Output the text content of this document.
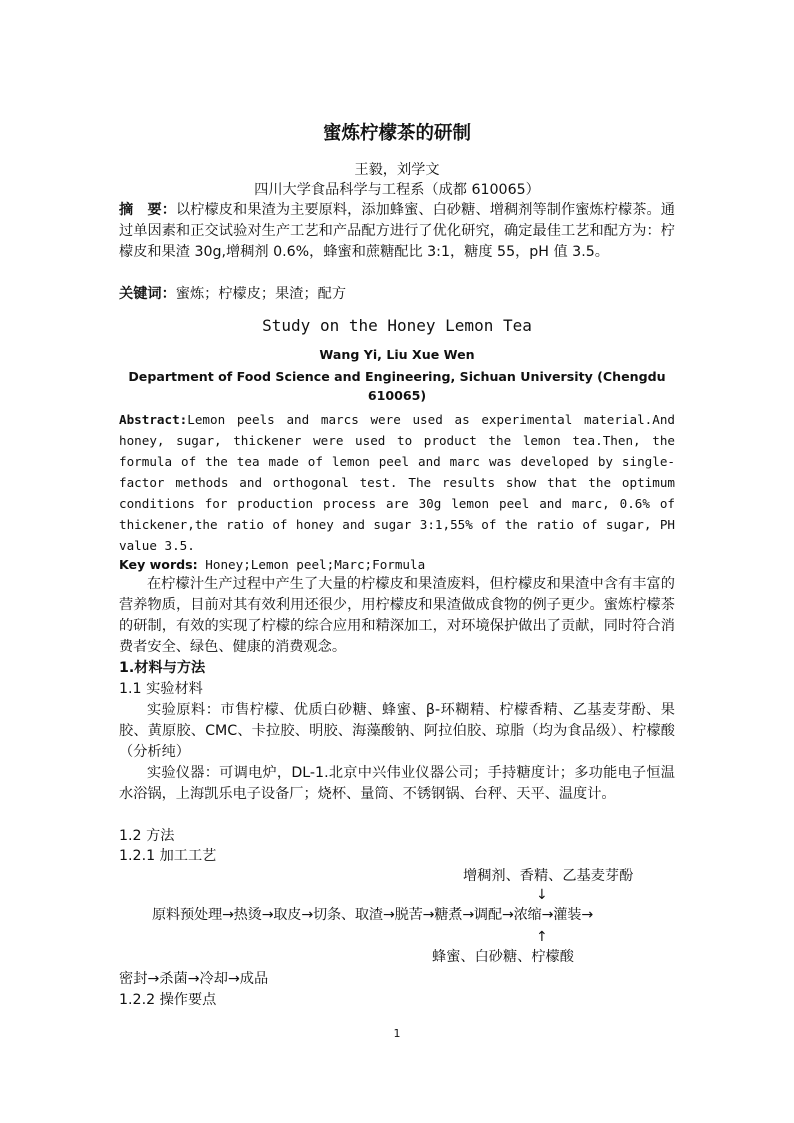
蜜炼柠檬茶的研制
王毅，刘学文
四川大学食品科学与工程系（成都 610065）
摘　要：以柠檬皮和果渣为主要原料，添加蜂蜜、白砂糖、增稠剂等制作蜜炼柠檬茶。通过单因素和正交试验对生产工艺和产品配方进行了优化研究，确定最佳工艺和配方为：柠檬皮和果渣 30g,增稠剂 0.6%，蜂蜜和蔗糖配比 3:1，糖度 55，pH 值 3.5。
关键词：蜜炼；柠檬皮；果渣；配方
Study on the Honey Lemon Tea
Wang Yi, Liu Xue Wen
Department of Food Science and Engineering, Sichuan University (Chengdu 610065)
Abstract:Lemon peels and marcs were used as experimental material.And honey, sugar, thickener were used to product the lemon tea.Then, the formula of the tea made of lemon peel and marc was developed by single-factor methods and orthogonal test. The results show that the optimum conditions for production process are 30g lemon peel and marc, 0.6% of thickener,the ratio of honey and sugar 3:1,55% of the ratio of sugar, PH value 3.5.
Key words: Honey;Lemon peel;Marc;Formula
在柠檬汁生产过程中产生了大量的柠檬皮和果渣废料，但柠檬皮和果渣中含有丰富的营养物质，目前对其有效利用还很少，用柠檬皮和果渣做成食物的例子更少。蜜炼柠檬茶的研制，有效的实现了柠檬的综合应用和精深加工，对环境保护做出了贡献，同时符合消费者安全、绿色、健康的消费观念。
1.材料与方法
1.1 实验材料
实验原料：市售柠檬、优质白砂糖、蜂蜜、β-环糊精、柠檬香精、乙基麦芽酚、果胶、黄原胶、CMC、卡拉胶、明胶、海藻酸钠、阿拉伯胶、琼脂（均为食品级）、柠檬酸（分析纯）
实验仪器：可调电炉，DL-1.北京中兴伟业仪器公司；手持糖度计；多功能电子恒温水浴锅，上海凯乐电子设备厂；烧杯、量筒、不锈钢锅、台秤、天平、温度计。
1.2 方法
1.2.1 加工工艺
增稠剂、香精、乙基麦芽酚
↓
原料预处理→热烫→取皮→切条、取渣→脱苦→糖煮→调配→浓缩→灌装→
↑
蜂蜜、白砂糖、柠檬酸
密封→杀菌→冷却→成品
1.2.2 操作要点
1
